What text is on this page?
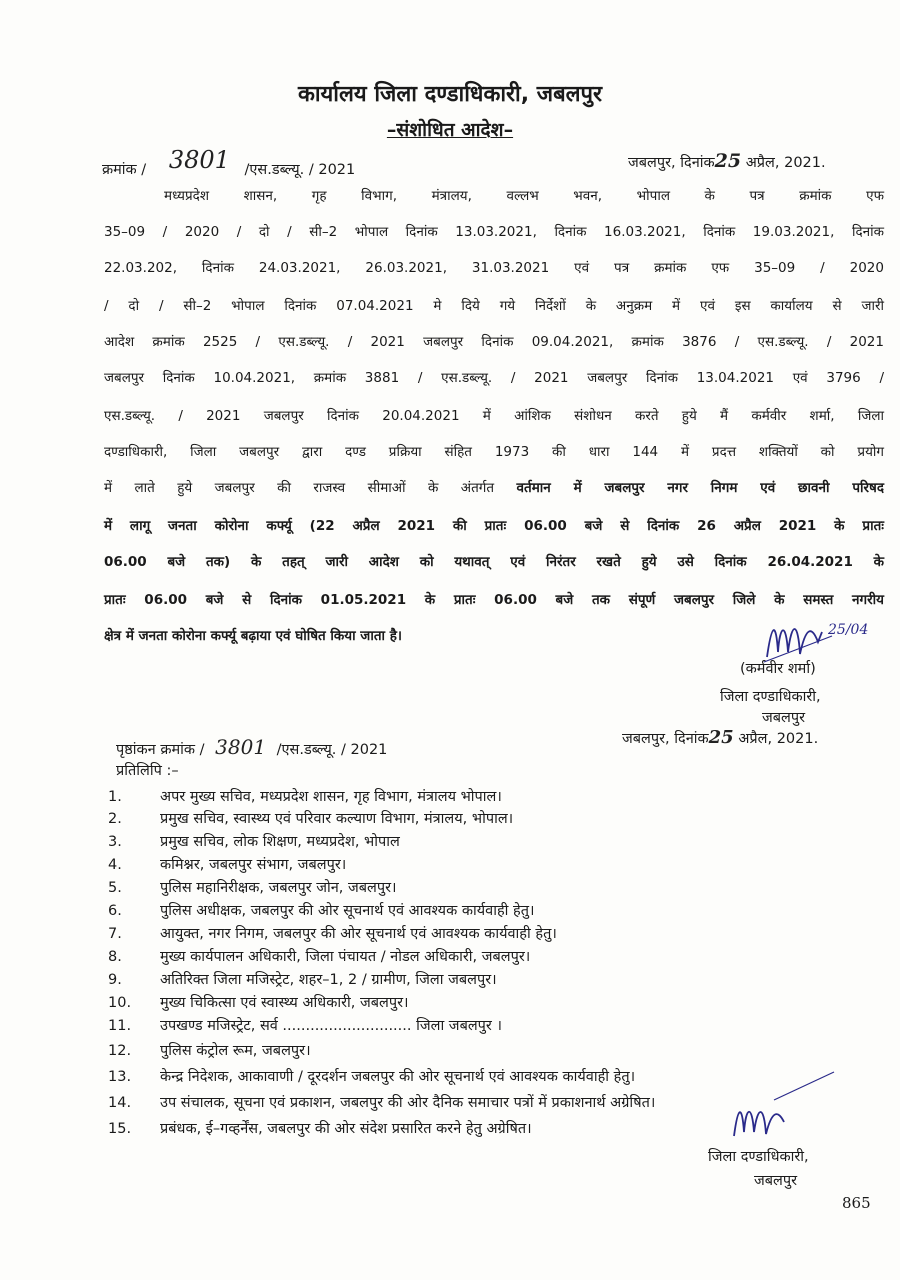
कार्यालय जिला दण्डाधिकारी, जबलपुर
–संशोधित आदेश–
क्रमांक / 3801 /एस.डब्ल्यू. / 2021	जबलपुर, दिनांक25 अप्रैल, 2021.
मध्यप्रदेश शासन, गृह विभाग, मंत्रालय, वल्लभ भवन, भोपाल के पत्र क्रमांक एफ
35–09 / 2020 / दो / सी–2 भोपाल दिनांक 13.03.2021, दिनांक 16.03.2021, दिनांक 19.03.2021, दिनांक
22.03.202, दिनांक 24.03.2021, 26.03.2021, 31.03.2021 एवं पत्र क्रमांक एफ 35–09 / 2020
/ दो / सी–2 भोपाल दिनांक 07.04.2021 मे दिये गये निर्देशों के अनुक्रम में एवं इस कार्यालय से जारी
आदेश क्रमांक 2525 / एस.डब्ल्यू. / 2021 जबलपुर दिनांक 09.04.2021, क्रमांक 3876 / एस.डब्ल्यू. / 2021
जबलपुर दिनांक 10.04.2021, क्रमांक 3881 / एस.डब्ल्यू. / 2021 जबलपुर दिनांक 13.04.2021 एवं 3796 /
एस.डब्ल्यू. / 2021 जबलपुर दिनांक 20.04.2021 में आंशिक संशोधन करते हुये मैं कर्मवीर शर्मा, जिला
दण्डाधिकारी, जिला जबलपुर द्वारा दण्ड प्रक्रिया संहित 1973 की धारा 144 में प्रदत्त शक्तियों को प्रयोग
में लाते हुये जबलपुर की राजस्व सीमाओं के अंतर्गत वर्तमान में जबलपुर नगर निगम एवं छावनी परिषद
में लागू जनता कोरोना कर्फ्यू (22 अप्रैल 2021 की प्रातः 06.00 बजे से दिनांक 26 अप्रैल 2021 के प्रातः
06.00 बजे तक) के तहत् जारी आदेश को यथावत् एवं निरंतर रखते हुये उसे दिनांक 26.04.2021 के
प्रातः 06.00 बजे से दिनांक 01.05.2021 के प्रातः 06.00 बजे तक संपूर्ण जबलपुर जिले के समस्त नगरीय
क्षेत्र में जनता कोरोना कर्फ्यू बढ़ाया एवं घोषित किया जाता है।	25/04
(कर्मवीर शर्मा)
जिला दण्डाधिकारी,
जबलपुर
पृष्ठांकन क्रमांक / 3801 /एस.डब्ल्यू. / 2021
जबलपुर, दिनांक25 अप्रैल, 2021.
प्रतिलिपि :–
1.	अपर मुख्य सचिव, मध्यप्रदेश शासन, गृह विभाग, मंत्रालय भोपाल।
2.	प्रमुख सचिव, स्वास्थ्य एवं परिवार कल्याण विभाग, मंत्रालय, भोपाल।
3.	प्रमुख सचिव, लोक शिक्षण, मध्यप्रदेश, भोपाल
4.	कमिश्नर, जबलपुर संभाग, जबलपुर।
5.	पुलिस महानिरीक्षक, जबलपुर जोन, जबलपुर।
6.	पुलिस अधीक्षक, जबलपुर की ओर सूचनार्थ एवं आवश्यक कार्यवाही हेतु।
7.	आयुक्त, नगर निगम, जबलपुर की ओर सूचनार्थ एवं आवश्यक कार्यवाही हेतु।
8.	मुख्य कार्यपालन अधिकारी, जिला पंचायत / नोडल अधिकारी, जबलपुर।
9.	अतिरिक्त जिला मजिस्ट्रेट, शहर–1, 2 / ग्रामीण, जिला जबलपुर।
10. मुख्य चिकित्सा एवं स्वास्थ्य अधिकारी, जबलपुर।
11. उपखण्ड मजिस्ट्रेट, सर्व ............................ जिला जबलपुर ।
12. पुलिस कंट्रोल रूम, जबलपुर।
13. केन्द्र निदेशक, आकावाणी / दूरदर्शन जबलपुर की ओर सूचनार्थ एवं आवश्यक कार्यवाही हेतु।
14. उप संचालक, सूचना एवं प्रकाशन, जबलपुर की ओर दैनिक समाचार पत्रों में प्रकाशनार्थ अग्रेषित।
15. प्रबंधक, ई–गव्हर्नेंस, जबलपुर की ओर संदेश प्रसारित करने हेतु अग्रेषित।
जिला दण्डाधिकारी,
जबलपुर
865
